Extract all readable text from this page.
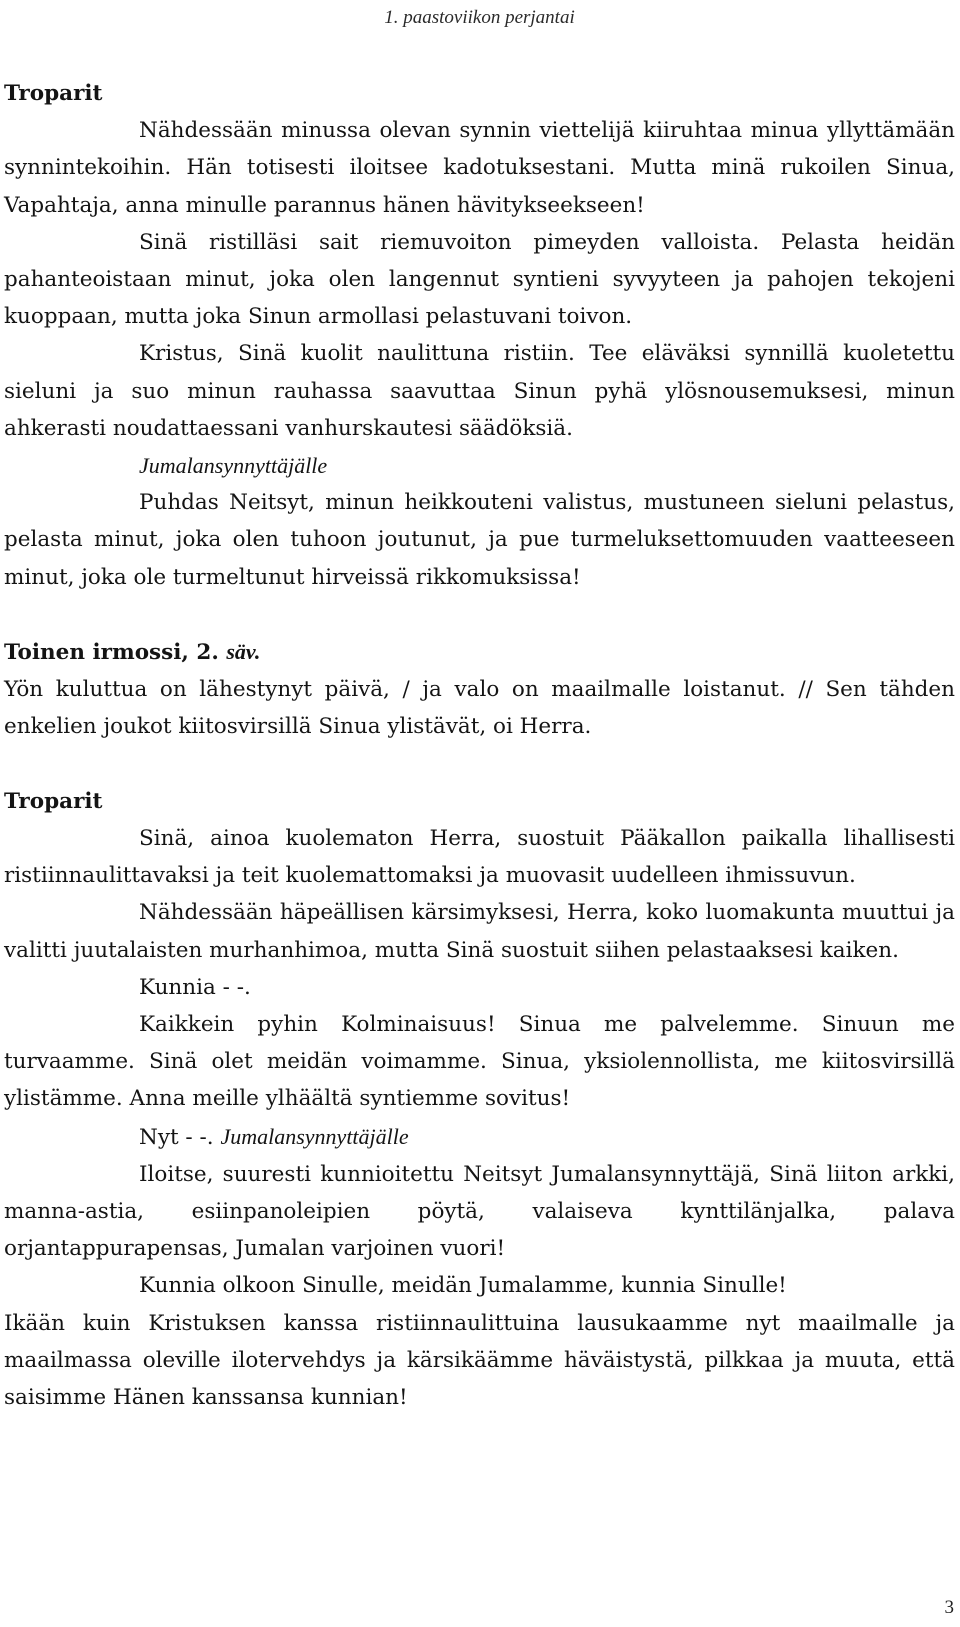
1. paastoviikon perjantai
Troparit

Nähdessään minussa olevan synnin viettelijä kiiruhtaa minua yllyttämään synnintekoihin. Hän totisesti iloitsee kadotuksestani. Mutta minä rukoilen Sinua, Vapahtaja, anna minulle parannus hänen hävitykseekseen!

Sinä ristilläsi sait riemuvoiton pimeyden valloista. Pelasta heidän pahanteoistaan minut, joka olen langennut syntieni syvyyteen ja pahojen tekojeni kuoppaan, mutta joka Sinun armollasi pelastuvani toivon.

Kristus, Sinä kuolit naulittuna ristiin. Tee eläväksi synnillä kuoletettu sieluni ja suo minun rauhassa saavuttaa Sinun pyhä ylösnousemuksesi, minun ahkerasti noudattaessani vanhurskautesi säädöksiä.

Jumalansynnyttäjälle

Puhdas Neitsyt, minun heikkouteni valistus, mustuneen sieluni pelastus, pelasta minut, joka olen tuhoon joutunut, ja pue turmeluksettomuuden vaatteeseen minut, joka ole turmeltunut hirveissä rikkomuksissa!

Toinen irmossi, 2. säv.

Yön kuluttua on lähestynyt päivä, / ja valo on maailmalle loistanut. // Sen tähden enkelien joukot kiitosvirsillä Sinua ylistävät, oi Herra.

Troparit

Sinä, ainoa kuolematon Herra, suostuit Pääkallon paikalla lihallisesti ristiinnaulittavaksi ja teit kuolemattomaksi ja muovasit uudelleen ihmissuvun.

Nähdessään häpeällisen kärsimyksesi, Herra, koko luomakunta muuttui ja valitti juutalaisten murhanhimoa, mutta Sinä suostuit siihen pelastaaksesi kaiken.

Kunnia - -.

Kaikkein pyhin Kolminaisuus! Sinua me palvelemme. Sinuun me turvaamme. Sinä olet meidän voimamme. Sinua, yksiolennollista, me kiitosvirsillä ylistämme. Anna meille ylhäältä syntiemme sovitus!

Nyt - -. Jumalansynnyttäjälle

Iloitse, suuresti kunnioitettu Neitsyt Jumalansynnyttäjä, Sinä liiton arkki, manna-astia, esiinpanoleipien pöytä, valaiseva kynttilänjalka, palava orjantappurapensas, Jumalan varjoinen vuori!

Kunnia olkoon Sinulle, meidän Jumalamme, kunnia Sinulle!

Ikään kuin Kristuksen kanssa ristiinnaulittuina lausukaamme nyt maailmalle ja maailmassa oleville ilotervehdys ja kärsikäämme häväistystä, pilkkaa ja muuta, että saisimme Hänen kanssansa kunnian!

3
